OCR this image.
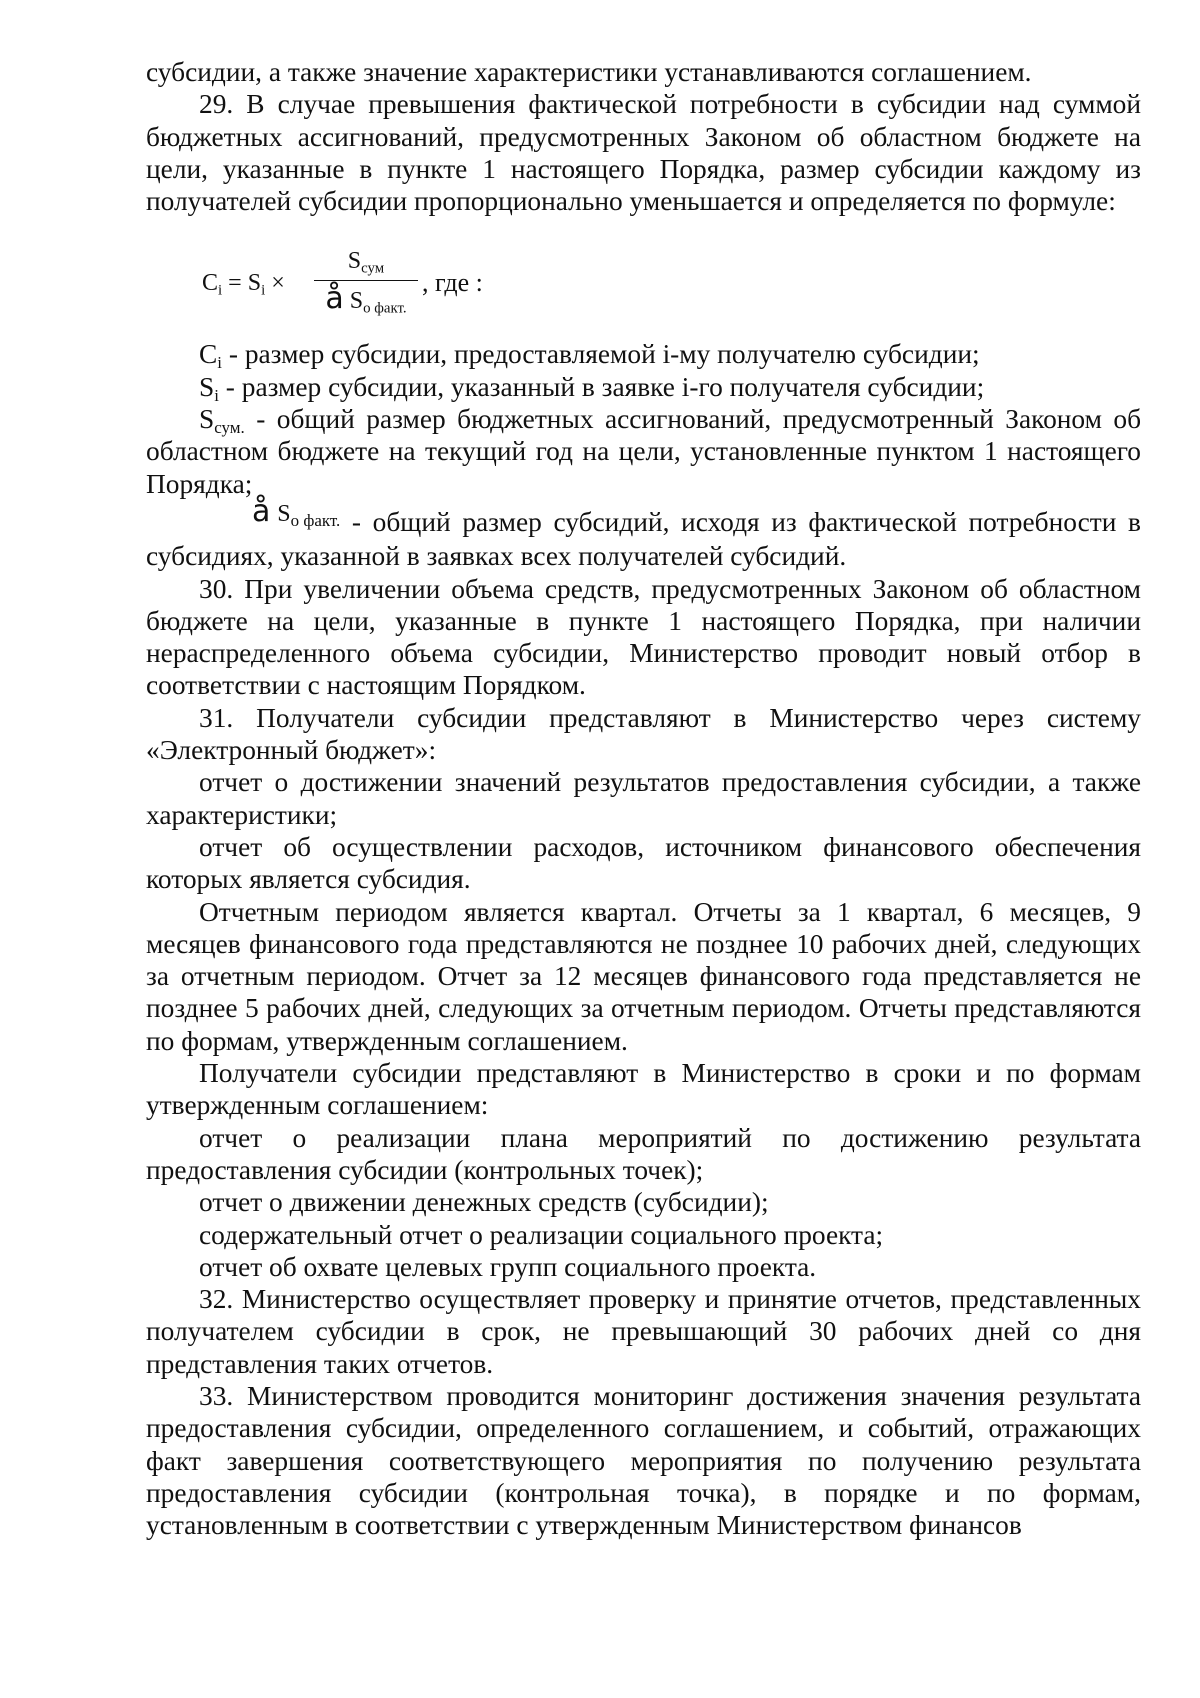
субсидии, а также значение характеристики устанавливаются соглашением.

29. В случае превышения фактической потребности в субсидии над суммой бюджетных ассигнований, предусмотренных Законом об областном бюджете на цели, указанные в пункте 1 настоящего Порядка, размер субсидии каждому из получателей субсидии пропорционально уменьшается и определяется по формуле:

$C_i = S_i$ ×
$S_{сум}$
å $S_{о факт.}$
, где :

$C_i$ - размер субсидии, предоставляемой i-му получателю субсидии;

$S_i$ - размер субсидии, указанный в заявке i-го получателя субсидии;

$S_{сум.}$ - общий размер бюджетных ассигнований, предусмотренный Законом об областном бюджете на текущий год на цели, установленные пунктом 1 настоящего Порядка;

å $S_{о факт.}$ - общий размер субсидий, исходя из фактической потребности в субсидиях, указанной в заявках всех получателей субсидий.

30. При увеличении объема средств, предусмотренных Законом об областном бюджете на цели, указанные в пункте 1 настоящего Порядка, при наличии нераспределенного объема субсидии, Министерство проводит новый отбор в соответствии с настоящим Порядком.

31. Получатели субсидии представляют в Министерство через систему «Электронный бюджет»:

отчет о достижении значений результатов предоставления субсидии, а также характеристики;

отчет об осуществлении расходов, источником финансового обеспечения которых является субсидия.

Отчетным периодом является квартал. Отчеты за 1 квартал, 6 месяцев, 9 месяцев финансового года представляются не позднее 10 рабочих дней, следующих за отчетным периодом. Отчет за 12 месяцев финансового года представляется не позднее 5 рабочих дней, следующих за отчетным периодом. Отчеты представляются по формам, утвержденным соглашением.

Получатели субсидии представляют в Министерство в сроки и по формам утвержденным соглашением:

отчет о реализации плана мероприятий по достижению результата предоставления субсидии (контрольных точек);

отчет о движении денежных средств (субсидии);

содержательный отчет о реализации социального проекта;

отчет об охвате целевых групп социального проекта.

32. Министерство осуществляет проверку и принятие отчетов, представленных получателем субсидии в срок, не превышающий 30 рабочих дней со дня представления таких отчетов.

33. Министерством проводится мониторинг достижения значения результата предоставления субсидии, определенного соглашением, и событий, отражающих факт завершения соответствующего мероприятия по получению результата предоставления субсидии (контрольная точка), в порядке и по формам, установленным в соответствии с утвержденным Министерством финансов
